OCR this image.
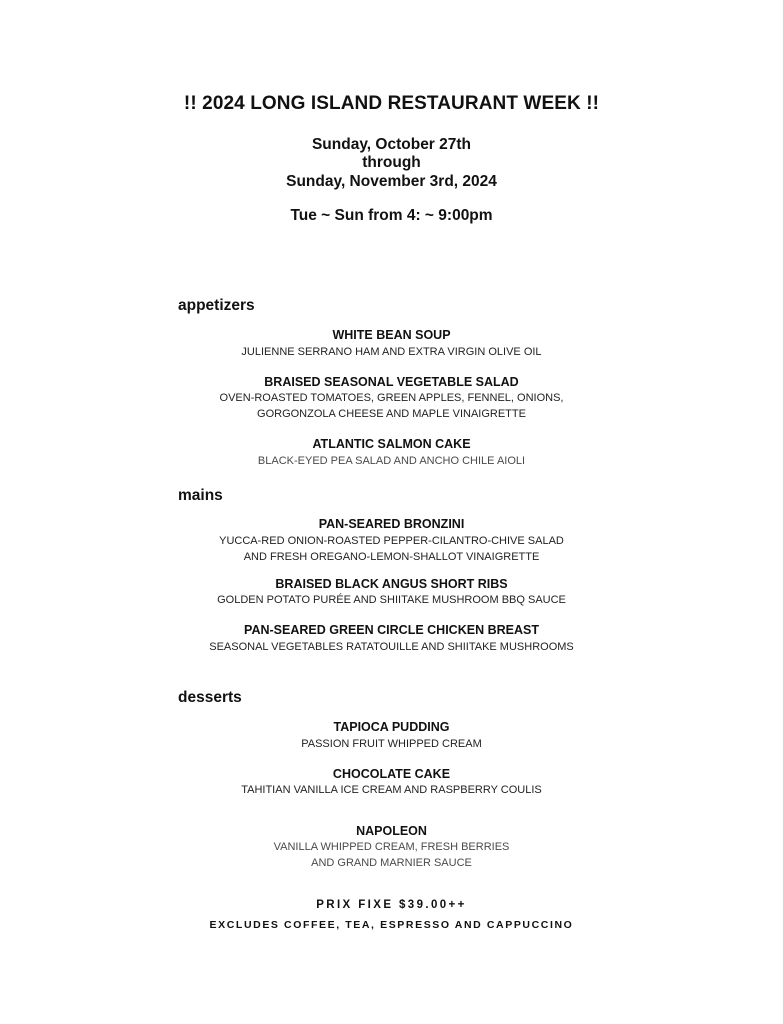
!! 2024 LONG ISLAND RESTAURANT WEEK !!
Sunday, October 27th
through
Sunday, November 3rd, 2024
Tue ~ Sun from 4: ~ 9:00pm
appetizers
WHITE BEAN SOUP
JULIENNE SERRANO HAM AND EXTRA VIRGIN OLIVE OIL
BRAISED SEASONAL VEGETABLE SALAD
OVEN-ROASTED TOMATOES, GREEN APPLES, FENNEL, ONIONS,
GORGONZOLA CHEESE AND MAPLE VINAIGRETTE
ATLANTIC SALMON CAKE
BLACK-EYED PEA SALAD AND ANCHO CHILE AIOLI
mains
PAN-SEARED BRONZINI
YUCCA-RED ONION-ROASTED PEPPER-CILANTRO-CHIVE SALAD
AND FRESH OREGANO-LEMON-SHALLOT VINAIGRETTE
BRAISED BLACK ANGUS SHORT RIBS
GOLDEN POTATO PURÉE AND SHIITAKE MUSHROOM BBQ SAUCE
PAN-SEARED GREEN CIRCLE CHICKEN BREAST
SEASONAL VEGETABLES RATATOUILLE AND SHIITAKE MUSHROOMS
desserts
TAPIOCA PUDDING
PASSION FRUIT WHIPPED CREAM
CHOCOLATE CAKE
TAHITIAN VANILLA ICE CREAM AND RASPBERRY COULIS
NAPOLEON
VANILLA WHIPPED CREAM, FRESH BERRIES
AND GRAND MARNIER SAUCE
PRIX FIXE $39.00++
EXCLUDES COFFEE, TEA, ESPRESSO AND CAPPUCCINO
